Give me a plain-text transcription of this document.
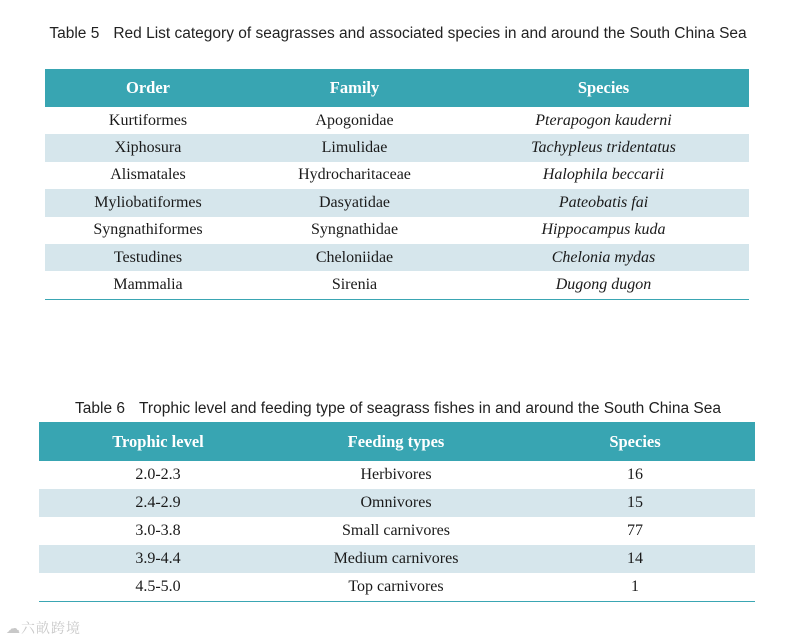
Table 5 Red List category of seagrasses and associated species in and around the South China Sea
Order	Family	Species
Kurtiformes	Apogonidae	Pterapogon kauderni
Xiphosura	Limulidae	Tachypleus tridentatus
Alismatales	Hydrocharitaceae	Halophila beccarii
Myliobatiformes	Dasyatidae	Pateobatis fai
Syngnathiformes	Syngnathidae	Hippocampus kuda
Testudines	Cheloniidae	Chelonia mydas
Mammalia	Sirenia	Dugong dugon
Table 6 Trophic level and feeding type of seagrass fishes in and around the South China Sea
Trophic level	Feeding types	Species
2.0-2.3	Herbivores	16
2.4-2.9	Omnivores	15
3.0-3.8	Small carnivores	77
3.9-4.4	Medium carnivores	14
4.5-5.0	Top carnivores	1
☁六畝跨境
